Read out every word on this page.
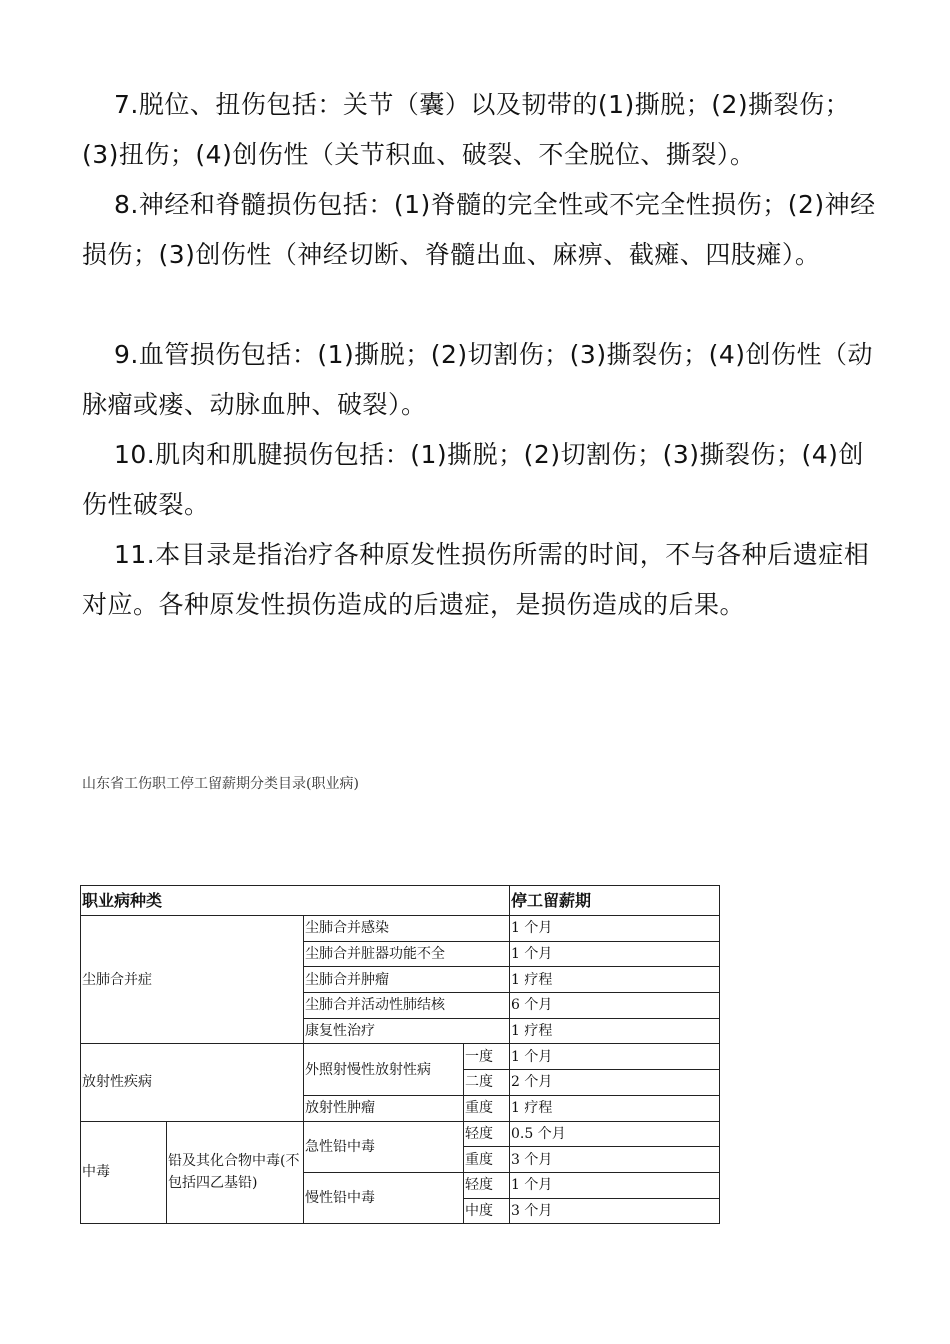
7.脱位、扭伤包括：关节（囊）以及韧带的(1)撕脱；(2)撕裂伤；(3)扭伤；(4)创伤性（关节积血、破裂、不全脱位、撕裂）。

8.神经和脊髓损伤包括：(1)脊髓的完全性或不完全性损伤；(2)神经损伤；(3)创伤性（神经切断、脊髓出血、麻痹、截瘫、四肢瘫）。

9.血管损伤包括：(1)撕脱；(2)切割伤；(3)撕裂伤；(4)创伤性（动脉瘤或瘘、动脉血肿、破裂）。

10.肌肉和肌腱损伤包括：(1)撕脱；(2)切割伤；(3)撕裂伤；(4)创伤性破裂。

11.本目录是指治疗各种原发性损伤所需的时间，不与各种后遗症相对应。各种原发性损伤造成的后遗症，是损伤造成的后果。

山东省工伤职工停工留薪期分类目录(职业病)
职业病种类				停工留薪期
尘肺合并症		尘肺合并感染		1 个月
		尘肺合并脏器功能不全		1 个月
		尘肺合并肿瘤		1 疗程
		尘肺合并活动性肺结核		6 个月
		康复性治疗		1 疗程
放射性疾病		外照射慢性放射性病	一度	1 个月
			二度	2 个月
		放射性肿瘤	重度	1 疗程
中毒	铅及其化合物中毒(不包括四乙基铅)	急性铅中毒	轻度	0.5 个月
			重度	3 个月
		慢性铅中毒	轻度	1 个月
			中度	3 个月
